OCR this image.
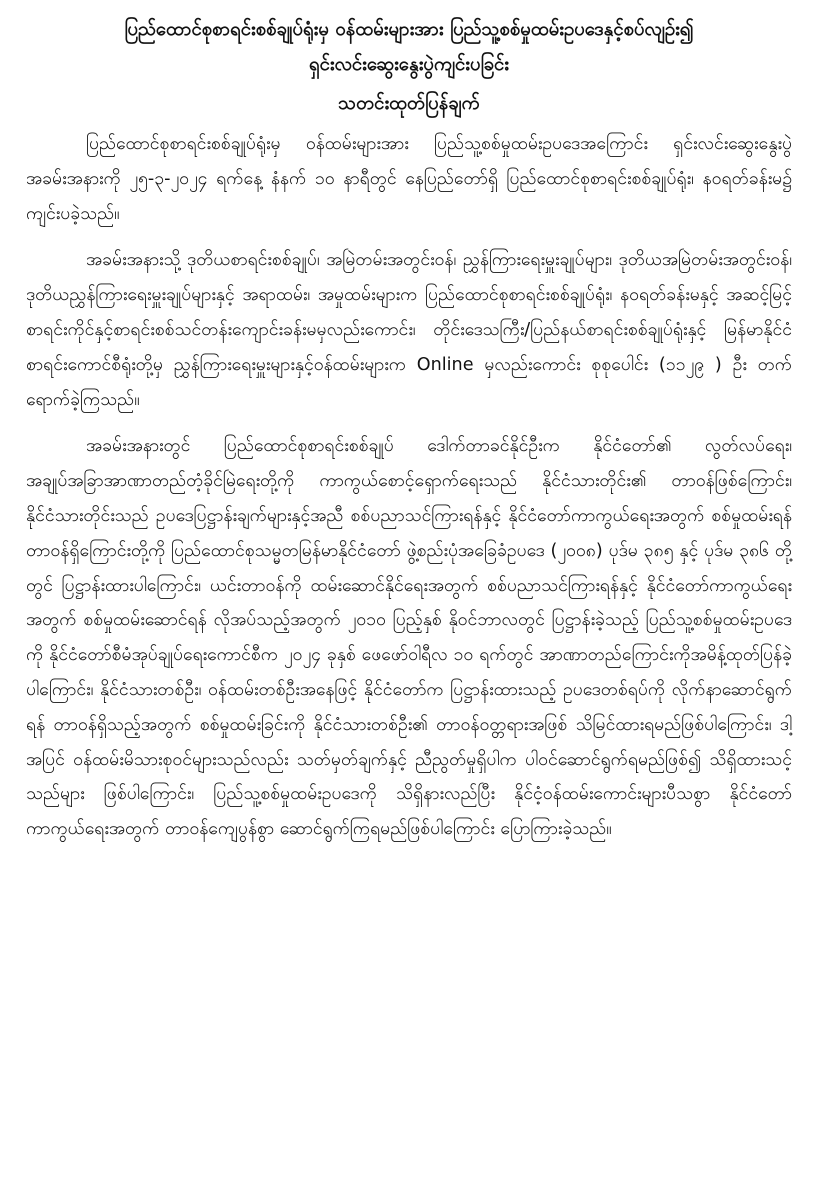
ပြည်ထောင်စုစာရင်းစစ်ချုပ်ရုံးမှ ဝန်ထမ်းများအား ပြည်သူ့စစ်မှုထမ်းဥပဒေနှင့်စပ်လျဉ်း၍

ရှင်းလင်းဆွေးနွေးပွဲကျင်းပခြင်း

သတင်းထုတ်ပြန်ချက်

ပြည်ထောင်စုစာရင်းစစ်ချုပ်ရုံးမှ ဝန်ထမ်းများအား ပြည်သူ့စစ်မှုထမ်းဥပဒေအကြောင်း ရှင်းလင်းဆွေးနွေးပွဲအခမ်းအနားကို ၂၅-၃-၂၀၂၄ ရက်နေ့ နံနက် ၁၀ နာရီတွင် နေပြည်တော်ရှိ ပြည်ထောင်စုစာရင်းစစ်ချုပ်ရုံး၊ နဝရတ်ခန်းမ၌ ကျင်းပခဲ့သည်။

အခမ်းအနားသို့ ဒုတိယစာရင်းစစ်ချုပ်၊ အမြဲတမ်းအတွင်းဝန်၊ ညွှန်ကြားရေးမှူးချုပ်များ၊ ဒုတိယအမြဲတမ်းအတွင်းဝန်၊ ဒုတိယညွှန်ကြားရေးမှူးချုပ်များနှင့် အရာထမ်း၊ အမှုထမ်းများက ပြည်ထောင်စုစာရင်းစစ်ချုပ်ရုံး၊ နဝရတ်ခန်းမနှင့် အဆင့်မြင့်စာရင်းကိုင်နှင့်စာရင်းစစ်သင်တန်းကျောင်းခန်းမမှလည်းကောင်း၊ တိုင်းဒေသကြီး/ပြည်နယ်စာရင်းစစ်ချုပ်ရုံးနှင့် မြန်မာနိုင်ငံစာရင်းကောင်စီရုံးတို့မှ ညွှန်ကြားရေးမှူးများနှင့်ဝန်ထမ်းများက Online မှလည်းကောင်း စုစုပေါင်း (၁၁၂၉ ) ဦး တက်ရောက်ခဲ့ကြသည်။

အခမ်းအနားတွင် ပြည်ထောင်စုစာရင်းစစ်ချုပ် ဒေါက်တာခင်နိုင်ဦးက နိုင်ငံတော်၏ လွတ်လပ်ရေး၊ အချုပ်အခြာအာဏာတည်တံ့ခိုင်မြဲရေးတို့ကို ကာကွယ်စောင့်ရှောက်ရေးသည် နိုင်ငံသားတိုင်း၏ တာဝန်ဖြစ်ကြောင်း၊ နိုင်ငံသားတိုင်းသည် ဥပဒေပြဋ္ဌာန်းချက်များနှင့်အညီ စစ်ပညာသင်ကြားရန်နှင့် နိုင်ငံတော်ကာကွယ်ရေးအတွက် စစ်မှုထမ်းရန်တာဝန်ရှိကြောင်းတို့ကို ပြည်ထောင်စုသမ္မတမြန်မာနိုင်ငံတော် ဖွဲ့စည်းပုံအခြေခံဥပဒေ (၂၀၀၈) ပုဒ်မ ၃၈၅ နှင့် ပုဒ်မ ၃၈၆ တို့တွင် ပြဋ္ဌာန်းထားပါကြောင်း၊ ယင်းတာဝန်ကို ထမ်းဆောင်နိုင်ရေးအတွက် စစ်ပညာသင်ကြားရန်နှင့် နိုင်ငံတော်ကာကွယ်ရေးအတွက် စစ်မှုထမ်းဆောင်ရန် လိုအပ်သည့်အတွက် ၂၀၁၀ ပြည့်နှစ် နိုဝင်ဘာလတွင် ပြဋ္ဌာန်းခဲ့သည့် ပြည်သူ့စစ်မှုထမ်းဥပဒေကို နိုင်ငံတော်စီမံအုပ်ချုပ်ရေးကောင်စီက ၂၀၂၄ ခုနှစ် ဖေဖော်ဝါရီလ ၁၀ ရက်တွင် အာဏာတည်ကြောင်းကိုအမိန့်ထုတ်ပြန်ခဲ့ပါကြောင်း၊ နိုင်ငံသားတစ်ဦး၊ ဝန်ထမ်းတစ်ဦးအနေဖြင့် နိုင်ငံတော်က ပြဋ္ဌာန်းထားသည့် ဥပဒေတစ်ရပ်ကို လိုက်နာဆောင်ရွက်ရန် တာဝန်ရှိသည့်အတွက် စစ်မှုထမ်းခြင်းကို နိုင်ငံသားတစ်ဦး၏ တာဝန်ဝတ္တရားအဖြစ် သိမြင်ထားရမည်ဖြစ်ပါကြောင်း၊ ဒါ့အပြင် ဝန်ထမ်းမိသားစုဝင်များသည်လည်း သတ်မှတ်ချက်နှင့် ညီညွတ်မှုရှိပါက ပါဝင်ဆောင်ရွက်ရမည်ဖြစ်၍ သိရှိထားသင့်သည်များ ဖြစ်ပါကြောင်း၊ ပြည်သူ့စစ်မှုထမ်းဥပဒေကို သိရှိနားလည်ပြီး နိုင်ငံ့ဝန်ထမ်းကောင်းများပီသစွာ နိုင်ငံတော်ကာကွယ်ရေးအတွက် တာဝန်ကျေပွန်စွာ ဆောင်ရွက်ကြရမည်ဖြစ်ပါကြောင်း ပြောကြားခဲ့သည်။
